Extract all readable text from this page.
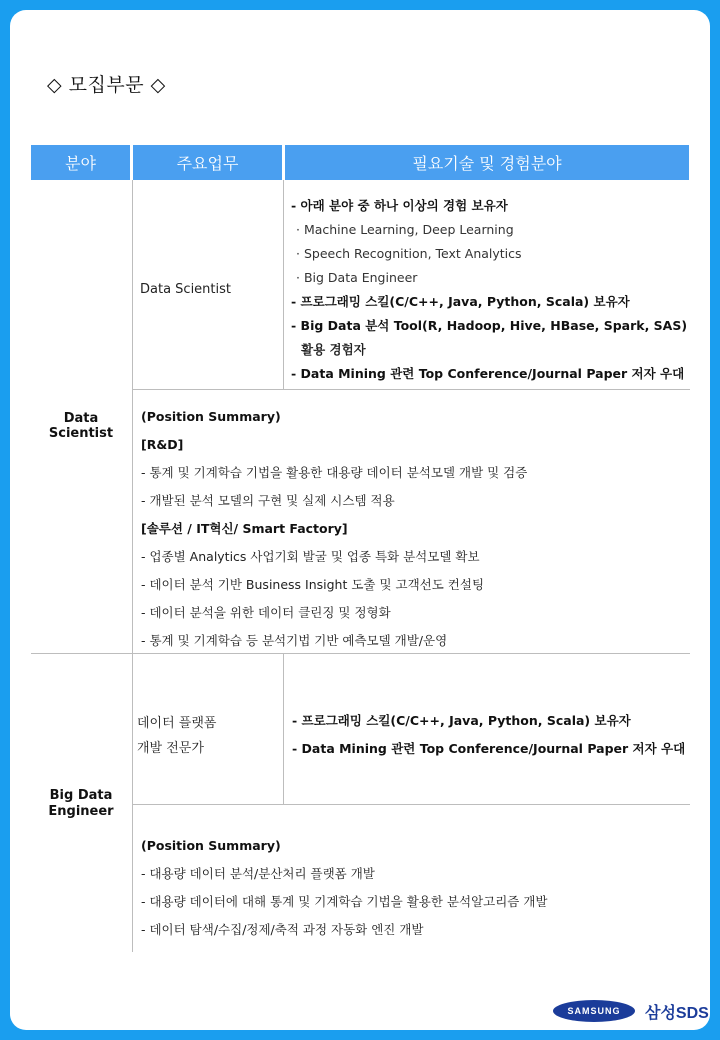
◇ 모집부문 ◇
분야	주요업무	필요기술 및 경험분야
Data Scientist
Data Scientist
- 아래 분야 중 하나 이상의 경험 보유자
· Machine Learning, Deep Learning
· Speech Recognition, Text Analytics
· Big Data Engineer
- 프로그래밍 스킬(C/C++, Java, Python, Scala) 보유자
- Big Data 분석 Tool(R, Hadoop, Hive, HBase, Spark, SAS)
활용 경험자
- Data Mining 관련 Top Conference/Journal Paper 저자 우대
(Position Summary)
[R&D]
- 통계 및 기계학습 기법을 활용한 대용량 데이터 분석모델 개발 및 검증
- 개발된 분석 모델의 구현 및 실제 시스템 적용
[솔루션 / IT혁신/ Smart Factory]
- 업종별 Analytics 사업기회 발굴 및 업종 특화 분석모델 확보
- 데이터 분석 기반 Business Insight 도출 및 고객선도 컨설팅
- 데이터 분석을 위한 데이터 클린징 및 정형화
- 통계 및 기계학습 등 분석기법 기반 예측모델 개발/운영
Big Data
Engineer
데이터 플랫폼
개발 전문가
- 프로그래밍 스킬(C/C++, Java, Python, Scala) 보유자
- Data Mining 관련 Top Conference/Journal Paper 저자 우대
(Position Summary)
- 대용량 데이터 분석/분산처리 플랫폼 개발
- 대용량 데이터에 대해 통계 및 기계학습 기법을 활용한 분석알고리즘 개발
- 데이터 탐색/수집/정제/축적 과정 자동화 엔진 개발
SAMSUNG 삼성SDS
